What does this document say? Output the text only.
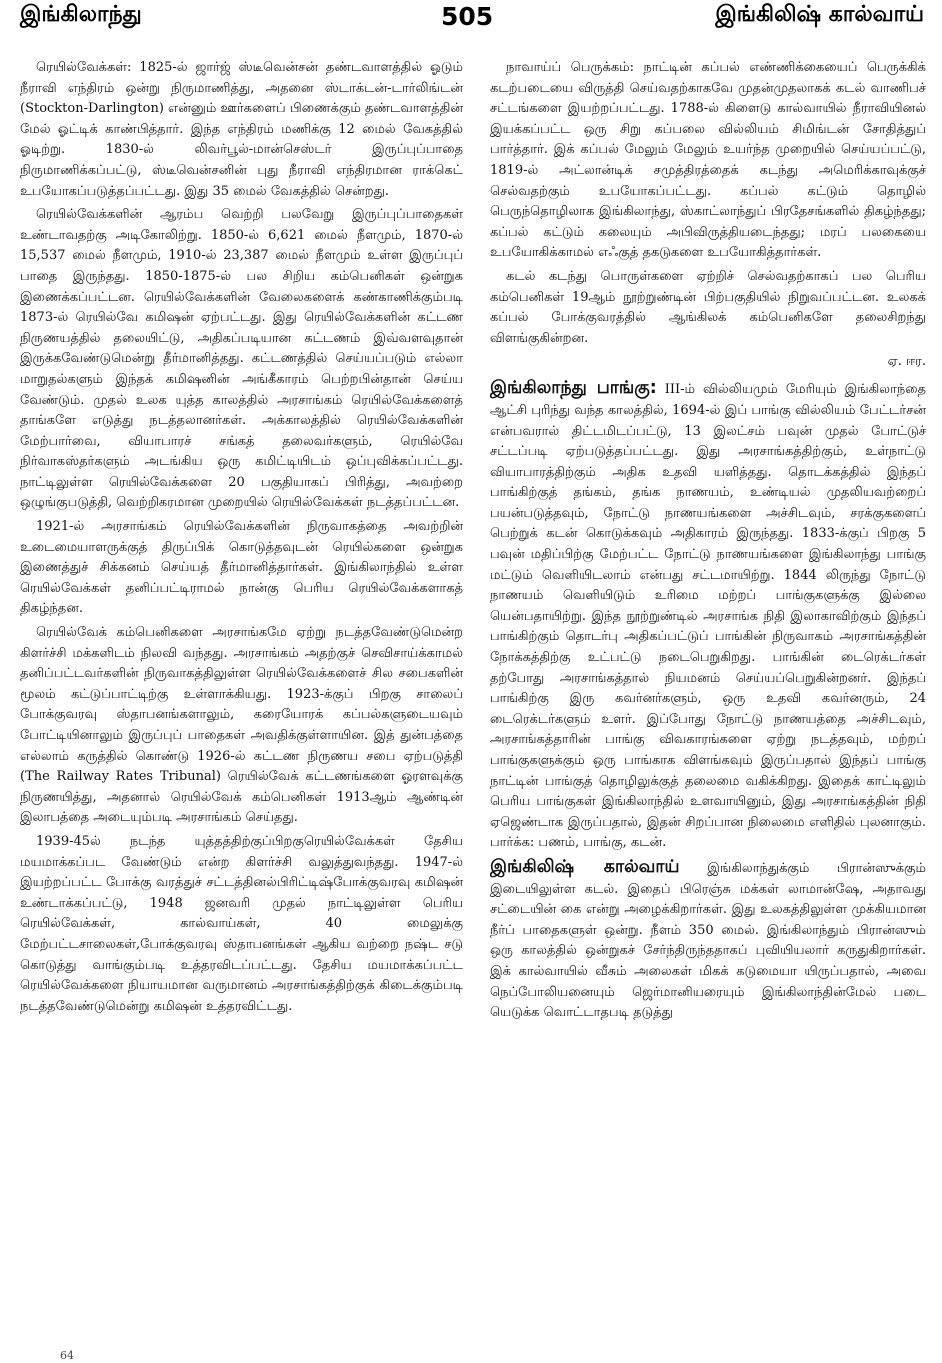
இங்கிலாந்து	505	இங்கிலிஷ் கால்வாய்

ரெயில்வேக்கள்: 1825-ல் ஜார்ஜ் ஸ்டீவென்சன் தண்டவாளத்தில் ஓடும் நீராவி எந்திரம் ஒன்று நிருமாணித்து, அதனை ஸ்டாக்டன்-டார்லிங்டன் (Stockton-Darlington) என்னும் ஊர்களைப் பிணைக்கும் தண்டவாளத்தின் மேல் ஓட்டிக் காண்பித்தார். இந்த எந்திரம் மணிக்கு 12 மைல் வேகத்தில் ஓடிற்று. 1830-ல் லிவர்பூல்-மான்செஸ்டர் இருப்புப்பாதை நிருமாணிக்கப்பட்டு, ஸ்டீவென்சனின் புது நீராவி எந்திரமான ராக்கெட் உபயோகப்படுத்தப்பட்டது. இது 35 மைல் வேகத்தில் சென்றது.

ரெயில்வேக்களின் ஆரம்ப வெற்றி பலவேறு இருப்புப்பாதைகள் உண்டாவதற்கு அடிகோலிற்று. 1850-ல் 6,621 மைல் நீளமும், 1870-ல் 15,537 மைல் நீளமும், 1910-ல் 23,387 மைல் நீளமும் உள்ள இருப்புப் பாதை இருந்தது. 1850-1875-ல் பல சிறிய கம்பெனிகள் ஒன்றுக இணைக்கப்பட்டன. ரெயில்வேக்களின் வேலைகளைக் கண்காணிக்கும்படி 1873-ல் ரெயில்வே கமிஷன் ஏற்பட்டது. இது ரெயில்வேக்களின் கட்டண நிருணயத்தில் தலையிட்டு, அதிகப்படியான கட்டணம் இவ்வளவுதான் இருக்கவேண்டுமென்று தீர்மானித்தது. கட்டணத்தில் செய்யப்படும் எல்லா மாறுதல்களும் இந்தக் கமிஷனின் அங்கீகாரம் பெற்றபின்தான் செய்ய வேண்டும். முதல் உலக யுத்த காலத்தில் அரசாங்கம் ரெயில்வேக்களைத் தாங்களே எடுத்து நடத்தலானர்கள். அக்காலத்தில் ரெயில்வேக்களின் மேற்பார்வை, வியாபாரச் சங்கத் தலைவர்களும், ரெயில்வே நிர்வாகஸ்தர்களும் அடங்கிய ஒரு கமிட்டியிடம் ஒப்புவிக்கப்பட்டது. நாட்டிலுள்ள ரெயில்வேக்களை 20 பகுதியாகப் பிரித்து, அவற்றை ஒழுங்குபடுத்தி, வெற்றிகரமான முறையில் ரெயில்வேக்கள் நடத்தப்பட்டன.

1921-ல் அரசாங்கம் ரெயில்வேக்களின் நிருவாகத்தை அவற்றின் உடைமையாளருக்குத் திருப்பிக் கொடுத்தவுடன் ரெயில்களை ஒன்றுக இணைத்துச் சிக்கனம் செய்யத் தீர்மானித்தார்கள். இங்கிலாந்தில் உள்ள ரெயில்வேக்கள் தனிப்பட்டிராமல் நான்கு பெரிய ரெயில்வேக்களாகத் திகழ்ந்தன.

ரெயில்வேக் கம்பெனிகளை அரசாங்கமே ஏற்று நடத்தவேண்டுமென்ற கிளர்ச்சி மக்களிடம் நிலவி வந்தது. அரசாங்கம் அதற்குச் செவிசாய்க்காமல் தனிப்பட்டவர்களின் நிருவாகத்திலுள்ள ரெயில்வேக்களைச் சில சபைகளின் மூலம் கட்டுப்பாட்டிற்கு உள்ளாக்கியது. 1923-க்குப் பிறகு சாலைப் போக்குவரவு ஸ்தாபனங்களாலும், கரையோரக் கப்பல்களுடையவும் போட்டியினாலும் இருப்புப் பாதைகள் அவதிக்குள்ளாயின. இத் துன்பத்தை எல்லாம் கருத்தில் கொண்டு 1926-ல் கட்டண நிருணய சபை ஏற்படுத்தி (The Railway Rates Tribunal) ரெயில்வேக் கட்டணங்களை ஓரளவுக்கு நிருணயித்து, அதனால் ரெயில்வேக் கம்பெனிகள் 1913ஆம் ஆண்டின் இலாபத்தை அடையும்படி அரசாங்கம் செய்தது.

1939-45ல் நடந்த யுத்தத்திற்குப்பிறகுரெயில்வேக்கள் தேசிய மயமாக்கப்பட வேண்டும் என்ற கிளர்ச்சி வலுத்துவந்தது. 1947-ல் இயற்றப்பட்ட போக்கு வரத்துச் சட்டத்தினல்பிரிட்டிஷ்போக்குவரவு கமிஷன் உண்டாக்கப்பட்டு, 1948 ஜனவரி முதல் நாட்டிலுள்ள பெரிய ரெயில்வேக்கள், கால்வாய்கள், 40 மைலுக்கு மேற்பட்டசாலைகள்,போக்குவரவு ஸ்தாபனங்கள் ஆகிய வற்றை நஷ்ட சடு கொடுத்து வாங்கும்படி உத்தரவிடப்பட்டது. தேசிய மயமாக்கப்பட்ட ரெயில்வேக்களை நியாயமான வருமானம் அரசாங்கத்திற்குக் கிடைக்கும்படி நடத்தவேண்டுமென்று கமிஷன் உத்தரவிட்டது.

நாவாய்ப் பெருக்கம்: நாட்டின் கப்பல் எண்ணிக்கையைப் பெருக்கிக் கடற்படையை விருத்தி செய்வதற்காகவே முதன்முதலாகக் கடல் வாணிபச் சட்டங்களை இயற்றப்பட்டது. 1788-ல் கிளைடு கால்வாயில் நீராவியினல் இயக்கப்பட்ட ஒரு சிறு கப்பலை வில்லியம் சிமிங்டன் சோதித்துப் பார்த்தார். இக் கப்பல் மேலும் மேலும் உயர்ந்த முறையில் செய்யப்பட்டு, 1819-ல் அட்லான்டிக் சமுத்திரத்தைக் கடந்து அமெரிக்காவுக்குச் செல்வதற்கும் உபயோகப்பட்டது. கப்பல் கட்டும் தொழில் பெருந்தொழிலாக இங்கிலாந்து, ஸ்காட்லாந்துப் பிரதேசங்களில் திகழ்ந்தது; கப்பல் கட்டும் கலையும் அபிவிருத்தியடைந்தது; மரப் பலகையை உபயோகிக்காமல் எஃகுத் தகடுகளை உபயோகித்தார்கள்.

கடல் கடந்து பொருள்களை ஏற்றிச் செல்வதற்காகப் பல பெரிய கம்பெனிகள் 19ஆம் நூற்றுண்டின் பிற்பகுதியில் நிறுவப்பட்டன. உலகக் கப்பல் போக்குவரத்தில் ஆங்கிலக் கம்பெனிகளே தலைசிறந்து விளங்குகின்றன.

ஏ. ஈர.

இங்கிலாந்து பாங்கு: III-ம் வில்லியமும் மேரியும் இங்கிலாந்தை ஆட்சி புரிந்து வந்த காலத்தில், 1694-ல் இப் பாங்கு வில்லியம் பேட்டர்சன் என்பவரால் திட்டமிடப்பட்டு, 13 இலட்சம் பவுன் முதல் போட்டுச் சட்டப்படி ஏற்படுத்தப்பட்டது. இது அரசாங்கத்திற்கும், உள்நாட்டு வியாபாரத்திற்கும் அதிக உதவி யளித்தது. தொடக்கத்தில் இந்தப் பாங்கிற்குத் தங்கம், தங்க நாணயம், உண்டியல் முதலியவற்றைப் பயன்படுத்தவும், நோட்டு நாணயங்களை அச்சிடவும், சரக்குகளைப் பெற்றுக் கடன் கொடுக்கவும் அதிகாரம் இருந்தது. 1833-க்குப் பிறகு 5 பவுன் மதிப்பிற்கு மேற்பட்ட நோட்டு நாணயங்களை இங்கிலாந்து பாங்கு மட்டும் வெளியிடலாம் என்பது சட்டமாயிற்று. 1844 லிருந்து நோட்டு நாணயம் வெளியிடும் உரிமை மற்றப் பாங்குகளுக்கு இல்லை யென்பதாயிற்று. இந்த நூற்றுண்டில் அரசாங்க நிதி இலாகாவிற்கும் இந்தப் பாங்கிற்கும் தொடர்பு அதிகப்பட்டுப் பாங்கின் நிருவாகம் அரசாங்கத்தின் நோக்கத்திற்கு உட்பட்டு நடைபெறுகிறது. பாங்கின் டைரெக்டர்கள் தற்போது அரசாங்கத்தால் நியமனம் செய்யப்பெறுகின்றனர். இந்தப் பாங்கிற்கு இரு கவர்னர்களும், ஒரு உதவி கவர்னரும், 24 டைரெக்டர்களும் உளர். இப்போது நோட்டு நாணயத்தை அச்சிடவும், அரசாங்கத்தாரின் பாங்கு விவகாரங்களை ஏற்று நடத்தவும், மற்றப் பாங்குகளுக்கும் ஒரு பாங்காக விளங்கவும் இருப்பதால் இந்தப் பாங்கு நாட்டின் பாங்குத் தொழிலுக்குத் தலைமை வகிக்கிறது. இதைக் காட்டிலும் பெரிய பாங்குகள் இங்கிலாந்தில் உளவாயினும், இது அரசாங்கத்தின் நிதி ஏஜெண்டாக இருப்பதால், இதன் சிறப்பான நிலைமை எளிதில் புலனாகும். பார்க்க: பணம், பாங்கு, கடன்.

இங்கிலிஷ் கால்வாய் இங்கிலாந்துக்கும் பிரான்ஸுக்கும் இடையிலுள்ள கடல். இதைப் பிரெஞ்சு மக்கள் லாமான்ஷே, அதாவது சட்டையின் கை என்று அழைக்கிறார்கள். இது உலகத்திலுள்ள முக்கியமான நீர்ப் பாதைகளுள் ஒன்று. நீளம் 350 மைல். இங்கிலாந்தும் பிரான்ஸும் ஒரு காலத்தில் ஒன்றுகச் சேர்ந்திருந்ததாகப் புவியியலார் கருதுகிறார்கள். இக் கால்வாயில் வீசும் அலைகள் மிகக் கடுமையா யிருப்பதால், அவை நெப்போலியனையும் ஜெர்மானியரையும் இங்கிலாந்தின்மேல் படை யெடுக்க வொட்டாதபடி தடுத்து

64
